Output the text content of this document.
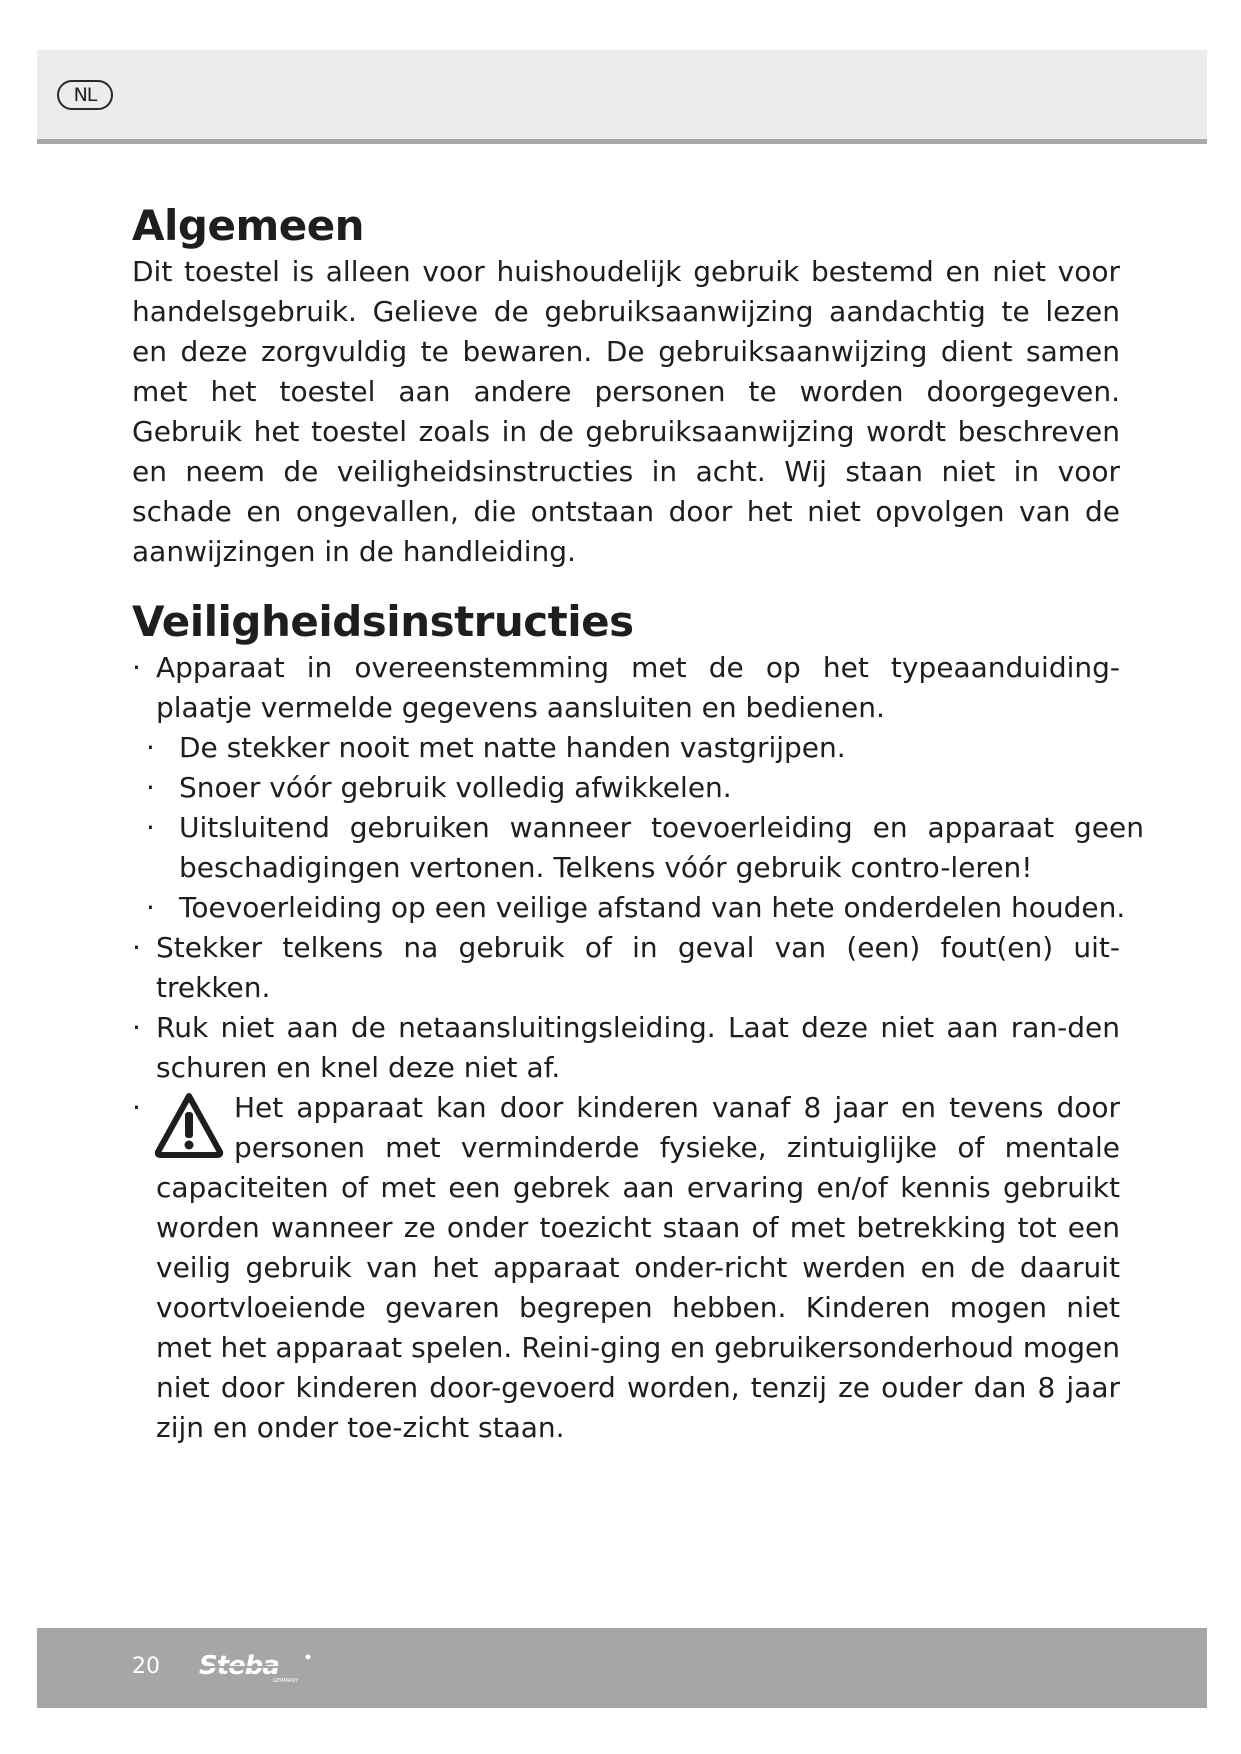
NL
Algemeen

Dit toestel is alleen voor huishoudelijk gebruik bestemd en niet voor handelsgebruik. Gelieve de gebruiksaanwijzing aandachtig te lezen en deze zorgvuldig te bewaren. De gebruiksaanwijzing dient samen met het toestel aan andere personen te worden doorgegeven. Gebruik het toestel zoals in de gebruiksaanwijzing wordt beschreven en neem de veiligheidsinstructies in acht. Wij staan niet in voor schade en ongevallen, die ontstaan door het niet opvolgen van de aanwijzingen in de handleiding.

Veiligheidsinstructies
· Apparaat in overeenstemming met de op het typeaanduiding-plaatje vermelde gegevens aansluiten en bedienen.
· De stekker nooit met natte handen vastgrijpen.
· Snoer vóór gebruik volledig afwikkelen.
· Uitsluitend gebruiken wanneer toevoerleiding en apparaat geen beschadigingen vertonen. Telkens vóór gebruik contro-leren!
· Toevoerleiding op een veilige afstand van hete onderdelen houden.
· Stekker telkens na gebruik of in geval van (een) fout(en) uit-trekken.
· Ruk niet aan de netaansluitingsleiding. Laat deze niet aan ran-den schuren en knel deze niet af.
·	Het apparaat kan door kinderen vanaf 8 jaar en tevens door personen met verminderde fysieke, zintuiglijke of mentale capaciteiten of met een gebrek aan ervaring en/of kennis gebruikt worden wanneer ze onder toezicht staan of met betrekking tot een veilig gebruik van het apparaat onder-richt werden en de daaruit voortvloeiende gevaren begrepen hebben. Kinderen mogen niet met het apparaat spelen. Reini-ging en gebruikersonderhoud mogen niet door kinderen door-gevoerd worden, tenzij ze ouder dan 8 jaar zijn en onder toe-zicht staan.
20 Steba
GERMANY
